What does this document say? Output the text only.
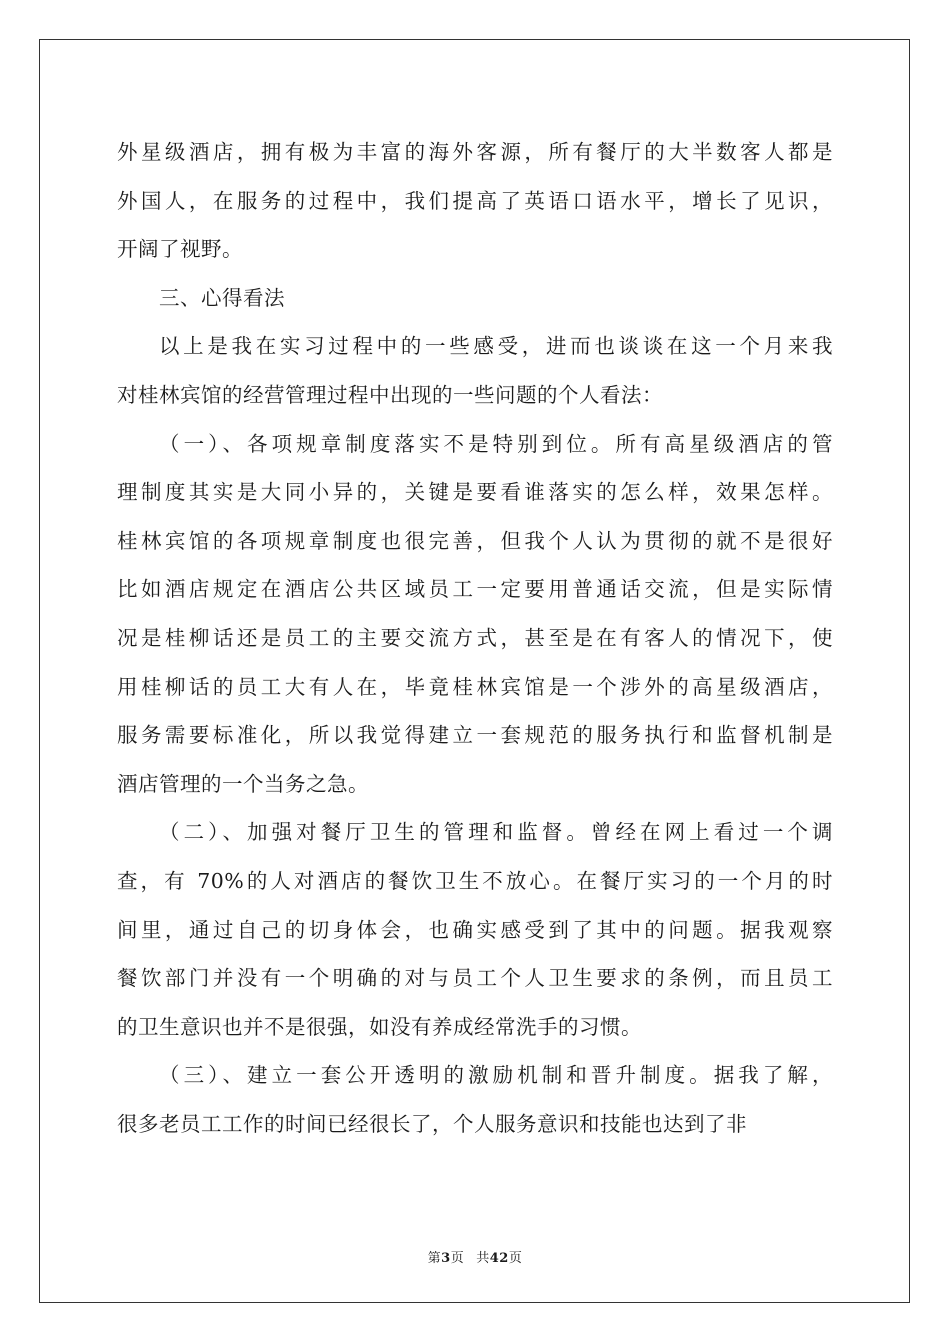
外星级酒店，拥有极为丰富的海外客源，所有餐厅的大半数客人都是
外国人，在服务的过程中，我们提高了英语口语水平，增长了见识，
开阔了视野。
三、心得看法
以上是我在实习过程中的一些感受，进而也谈谈在这一个月来我
对桂林宾馆的经营管理过程中出现的一些问题的个人看法：
（一）、各项规章制度落实不是特别到位。所有高星级酒店的管
理制度其实是大同小异的，关键是要看谁落实的怎么样，效果怎样。
桂林宾馆的各项规章制度也很完善，但我个人认为贯彻的就不是很好
比如酒店规定在酒店公共区域员工一定要用普通话交流，但是实际情
况是桂柳话还是员工的主要交流方式，甚至是在有客人的情况下，使
用桂柳话的员工大有人在，毕竟桂林宾馆是一个涉外的高星级酒店，
服务需要标准化，所以我觉得建立一套规范的服务执行和监督机制是
酒店管理的一个当务之急。
（二）、加强对餐厅卫生的管理和监督。曾经在网上看过一个调
查，有 70%的人对酒店的餐饮卫生不放心。在餐厅实习的一个月的时
间里，通过自己的切身体会，也确实感受到了其中的问题。据我观察
餐饮部门并没有一个明确的对与员工个人卫生要求的条例，而且员工
的卫生意识也并不是很强，如没有养成经常洗手的习惯。
（三）、建立一套公开透明的激励机制和晋升制度。据我了解，
很多老员工工作的时间已经很长了，个人服务意识和技能也达到了非
第3页 共42页
